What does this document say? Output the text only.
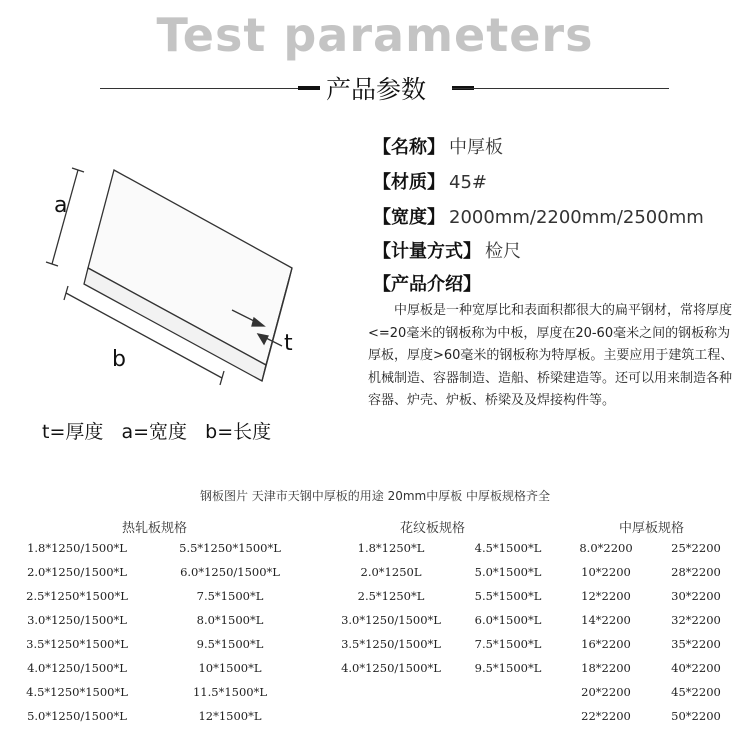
Test parameters
产品参数
a
b
t
t=厚度   a=宽度   b=长度
【名称】 中厚板
【材质】 45#
【宽度】 2000mm/2200mm/2500mm
【计量方式】 检尺
【产品介绍】
中厚板是一种宽厚比和表面积都很大的扁平钢材，常将厚度<=20毫米的钢板称为中板，厚度在20-60毫米之间的钢板称为厚板，厚度>60毫米的钢板称为特厚板。主要应用于建筑工程、机械制造、容器制造、造船、桥梁建造等。还可以用来制造各种容器、炉壳、炉板、桥梁及及焊接构件等。
钢板图片 天津市天钢中厚板的用途 20mm中厚板 中厚板规格齐全
热轧板规格	花纹板规格	中厚板规格
1.8*1250/1500*L
2.0*1250/1500*L
2.5*1250*1500*L
3.0*1250/1500*L
3.5*1250*1500*L
4.0*1250/1500*L
4.5*1250*1500*L
5.0*1250/1500*L
5.5*1250*1500*L
6.0*1250/1500*L
7.5*1500*L
8.0*1500*L
9.5*1500*L
10*1500*L
11.5*1500*L
12*1500*L
1.8*1250*L
2.0*1250L
2.5*1250*L
3.0*1250/1500*L
3.5*1250/1500*L
4.0*1250/1500*L
4.5*1500*L
5.0*1500*L
5.5*1500*L
6.0*1500*L
7.5*1500*L
9.5*1500*L
8.0*2200
10*2200
12*2200
14*2200
16*2200
18*2200
20*2200
22*2200
25*2200
28*2200
30*2200
32*2200
35*2200
40*2200
45*2200
50*2200
